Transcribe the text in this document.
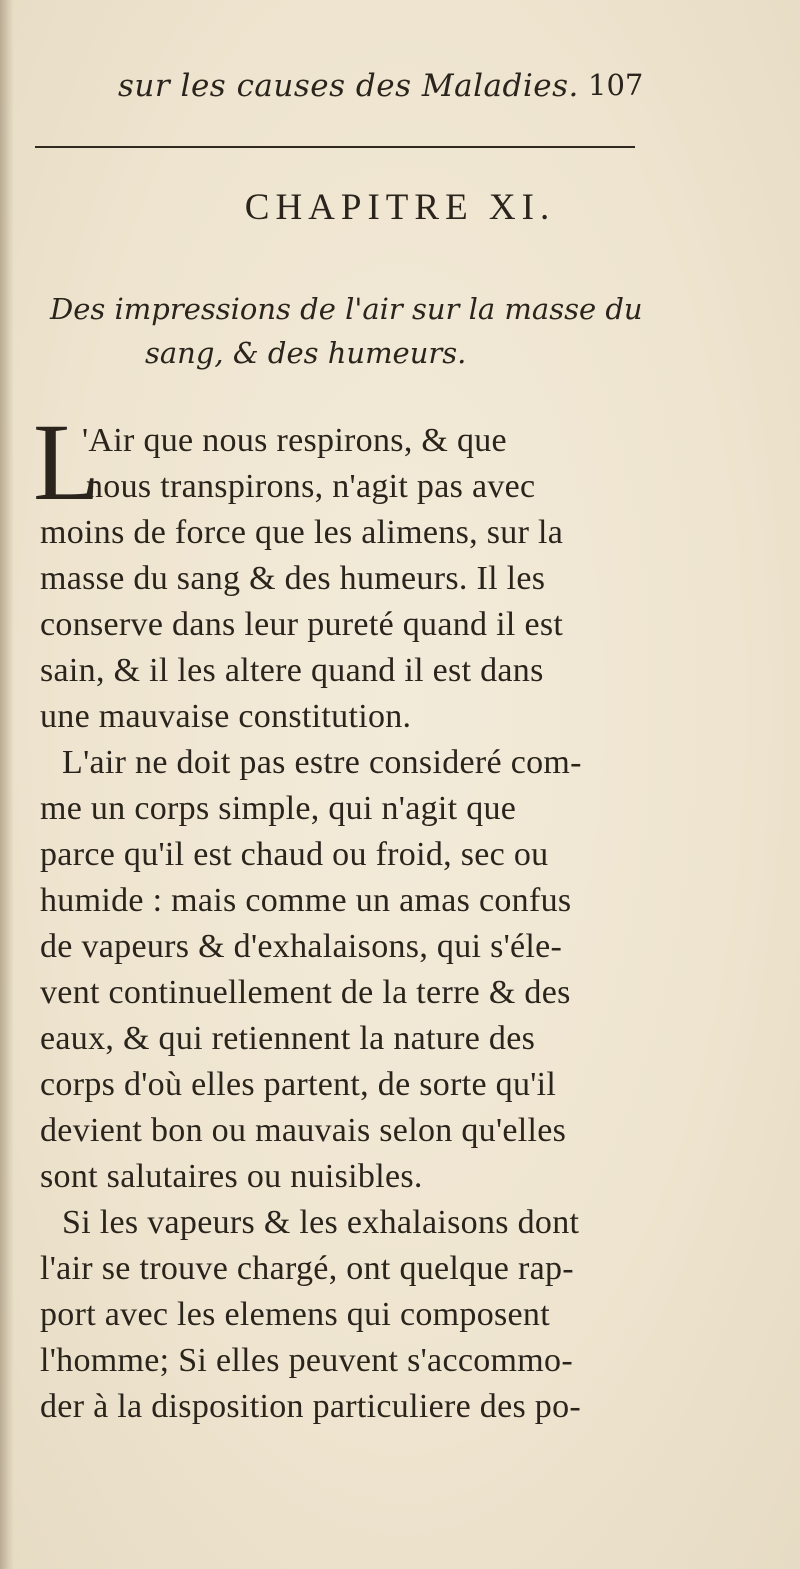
sur les causes des Maladies. 107
CHAPITRE XI.
Des impressions de l'air sur la masse du
sang, & des humeurs.
L
'Air que nous respirons, & que
nous transpirons, n'agit pas avec
moins de force que les alimens, sur la
masse du sang & des humeurs. Il les
conserve dans leur pureté quand il est
sain, & il les altere quand il est dans
une mauvaise constitution.
L'air ne doit pas estre consideré com-
me un corps simple, qui n'agit que
parce qu'il est chaud ou froid, sec ou
humide : mais comme un amas confus
de vapeurs & d'exhalaisons, qui s'éle-
vent continuellement de la terre & des
eaux, & qui retiennent la nature des
corps d'où elles partent, de sorte qu'il
devient bon ou mauvais selon qu'elles
sont salutaires ou nuisibles.
Si les vapeurs & les exhalaisons dont
l'air se trouve chargé, ont quelque rap-
port avec les elemens qui composent
l'homme; Si elles peuvent s'accommo-
der à la disposition particuliere des po-
